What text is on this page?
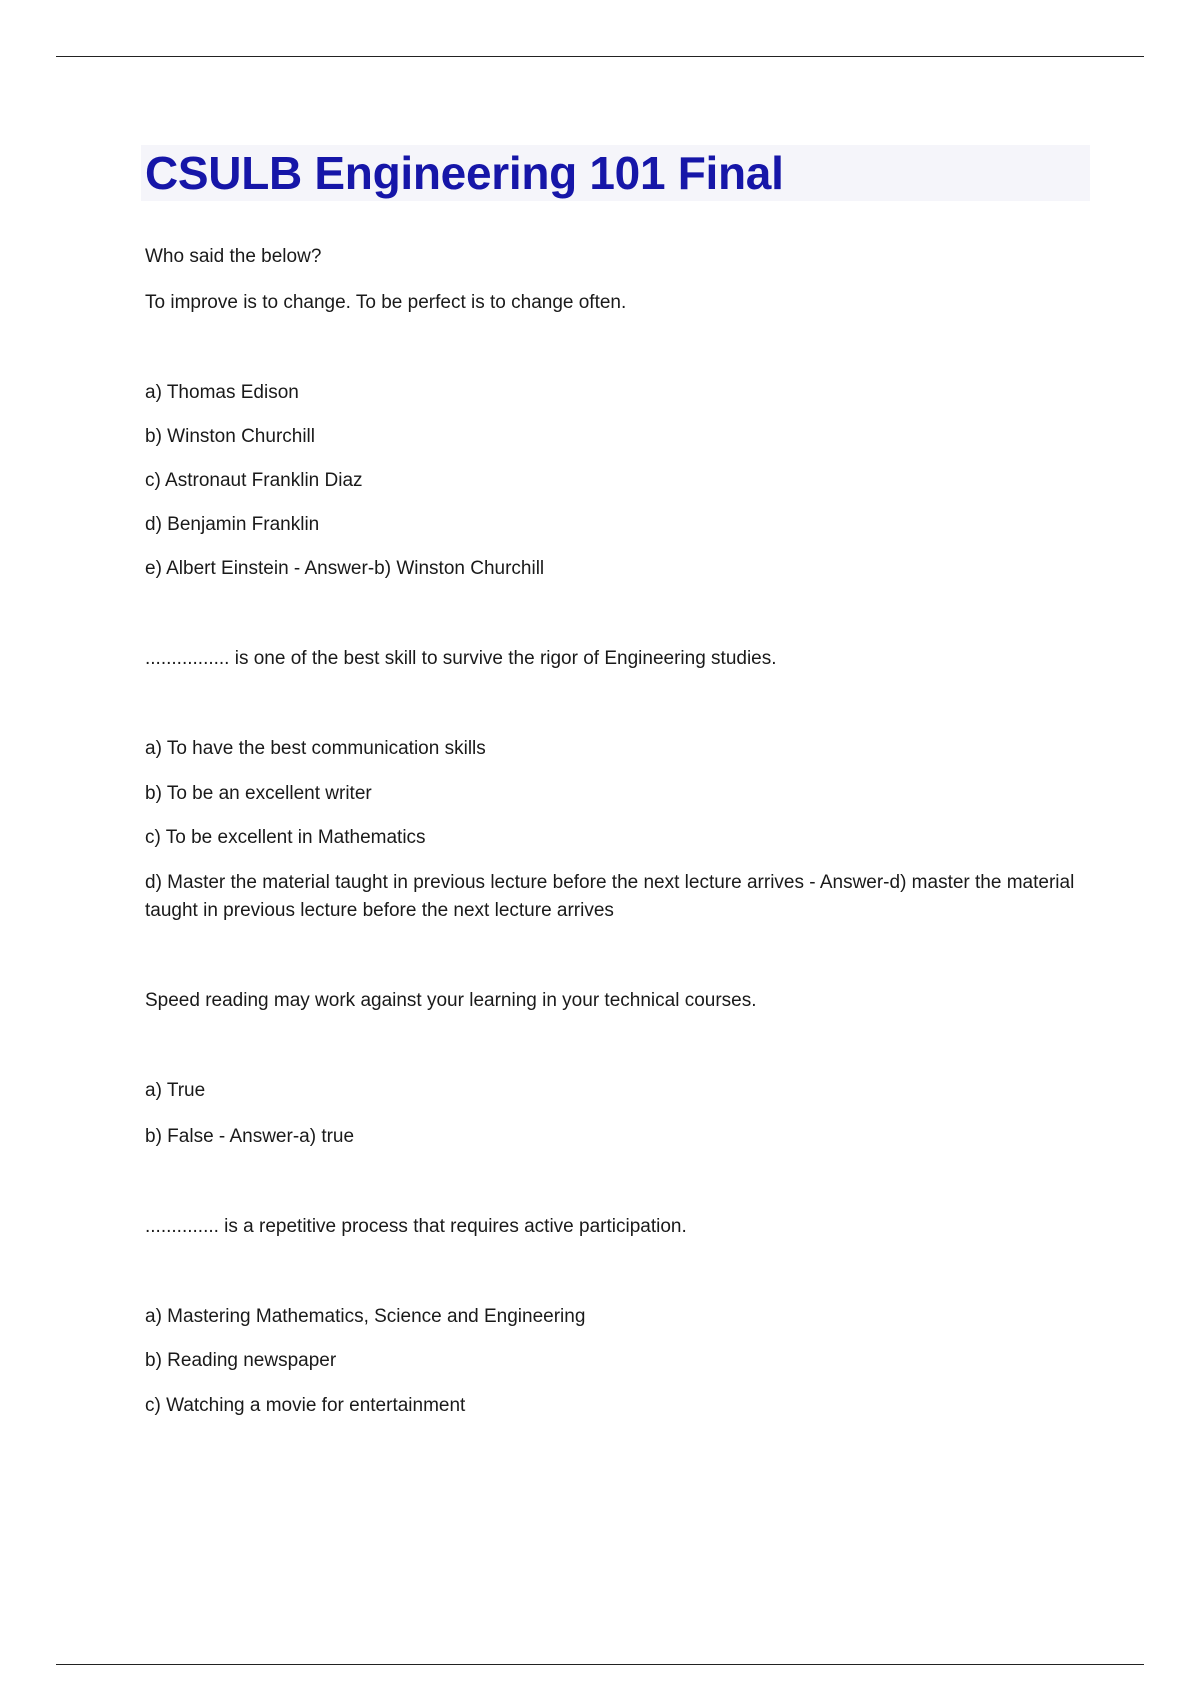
CSULB Engineering 101 Final

Who said the below?

To improve is to change. To be perfect is to change often.

a) Thomas Edison

b) Winston Churchill

c) Astronaut Franklin Diaz

d) Benjamin Franklin

e) Albert Einstein - Answer-b) Winston Churchill

................ is one of the best skill to survive the rigor of Engineering studies.

a) To have the best communication skills

b) To be an excellent writer

c) To be excellent in Mathematics

d) Master the material taught in previous lecture before the next lecture arrives - Answer-d) master the material taught in previous lecture before the next lecture arrives

Speed reading may work against your learning in your technical courses.

a) True

b) False - Answer-a) true

.............. is a repetitive process that requires active participation.

a) Mastering Mathematics, Science and Engineering

b) Reading newspaper

c) Watching a movie for entertainment
